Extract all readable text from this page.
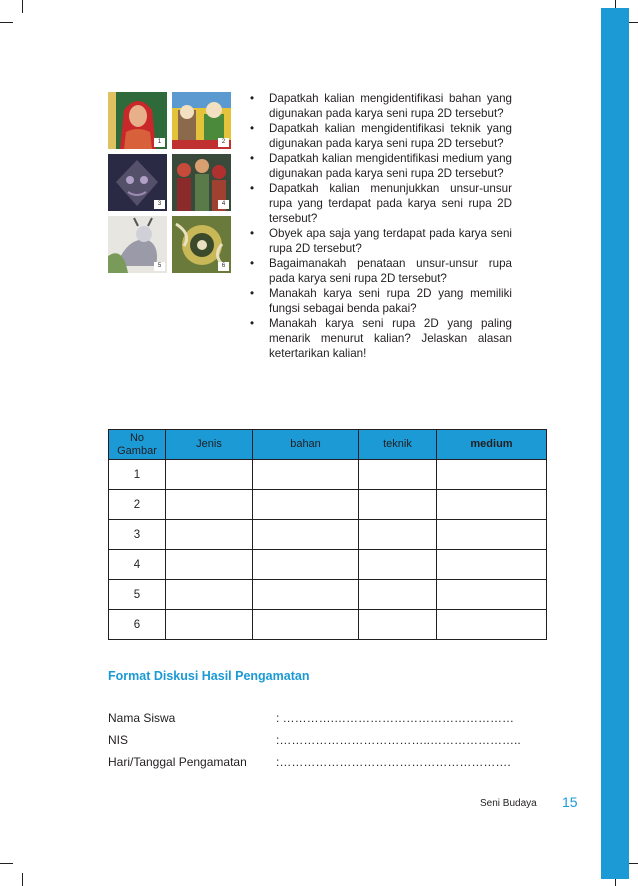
1	2
3	4
5	6
• Dapatkah kalian mengidentifikasi bahan yang digunakan pada karya seni rupa 2D tersebut?
• Dapatkah kalian mengidentifikasi teknik yang digunakan pada karya seni rupa 2D tersebut?
• Dapatkah kalian mengidentifikasi medium yang digunakan pada karya seni rupa 2D tersebut?
• Dapatkah kalian menunjukkan unsur-unsur rupa yang terdapat pada karya seni rupa 2D tersebut?
• Obyek apa saja yang terdapat pada karya seni rupa 2D tersebut?
• Bagaimanakah penataan unsur-unsur rupa pada karya seni rupa 2D tersebut?
• Manakah karya seni rupa 2D yang memiliki fungsi sebagai benda pakai?
• Manakah karya seni rupa 2D yang paling menarik menurut kalian? Jelaskan alasan ketertarikan kalian!
No Gambar	Jenis	bahan	teknik	medium
1				
2				
3				
4				
5				
6				
Format Diskusi Hasil Pengamatan
Nama Siswa	: ………….………………………………………
NIS	:………………………………..…………………..
Hari/Tanggal Pengamatan :………………………………………………….
Seni Budaya 15
